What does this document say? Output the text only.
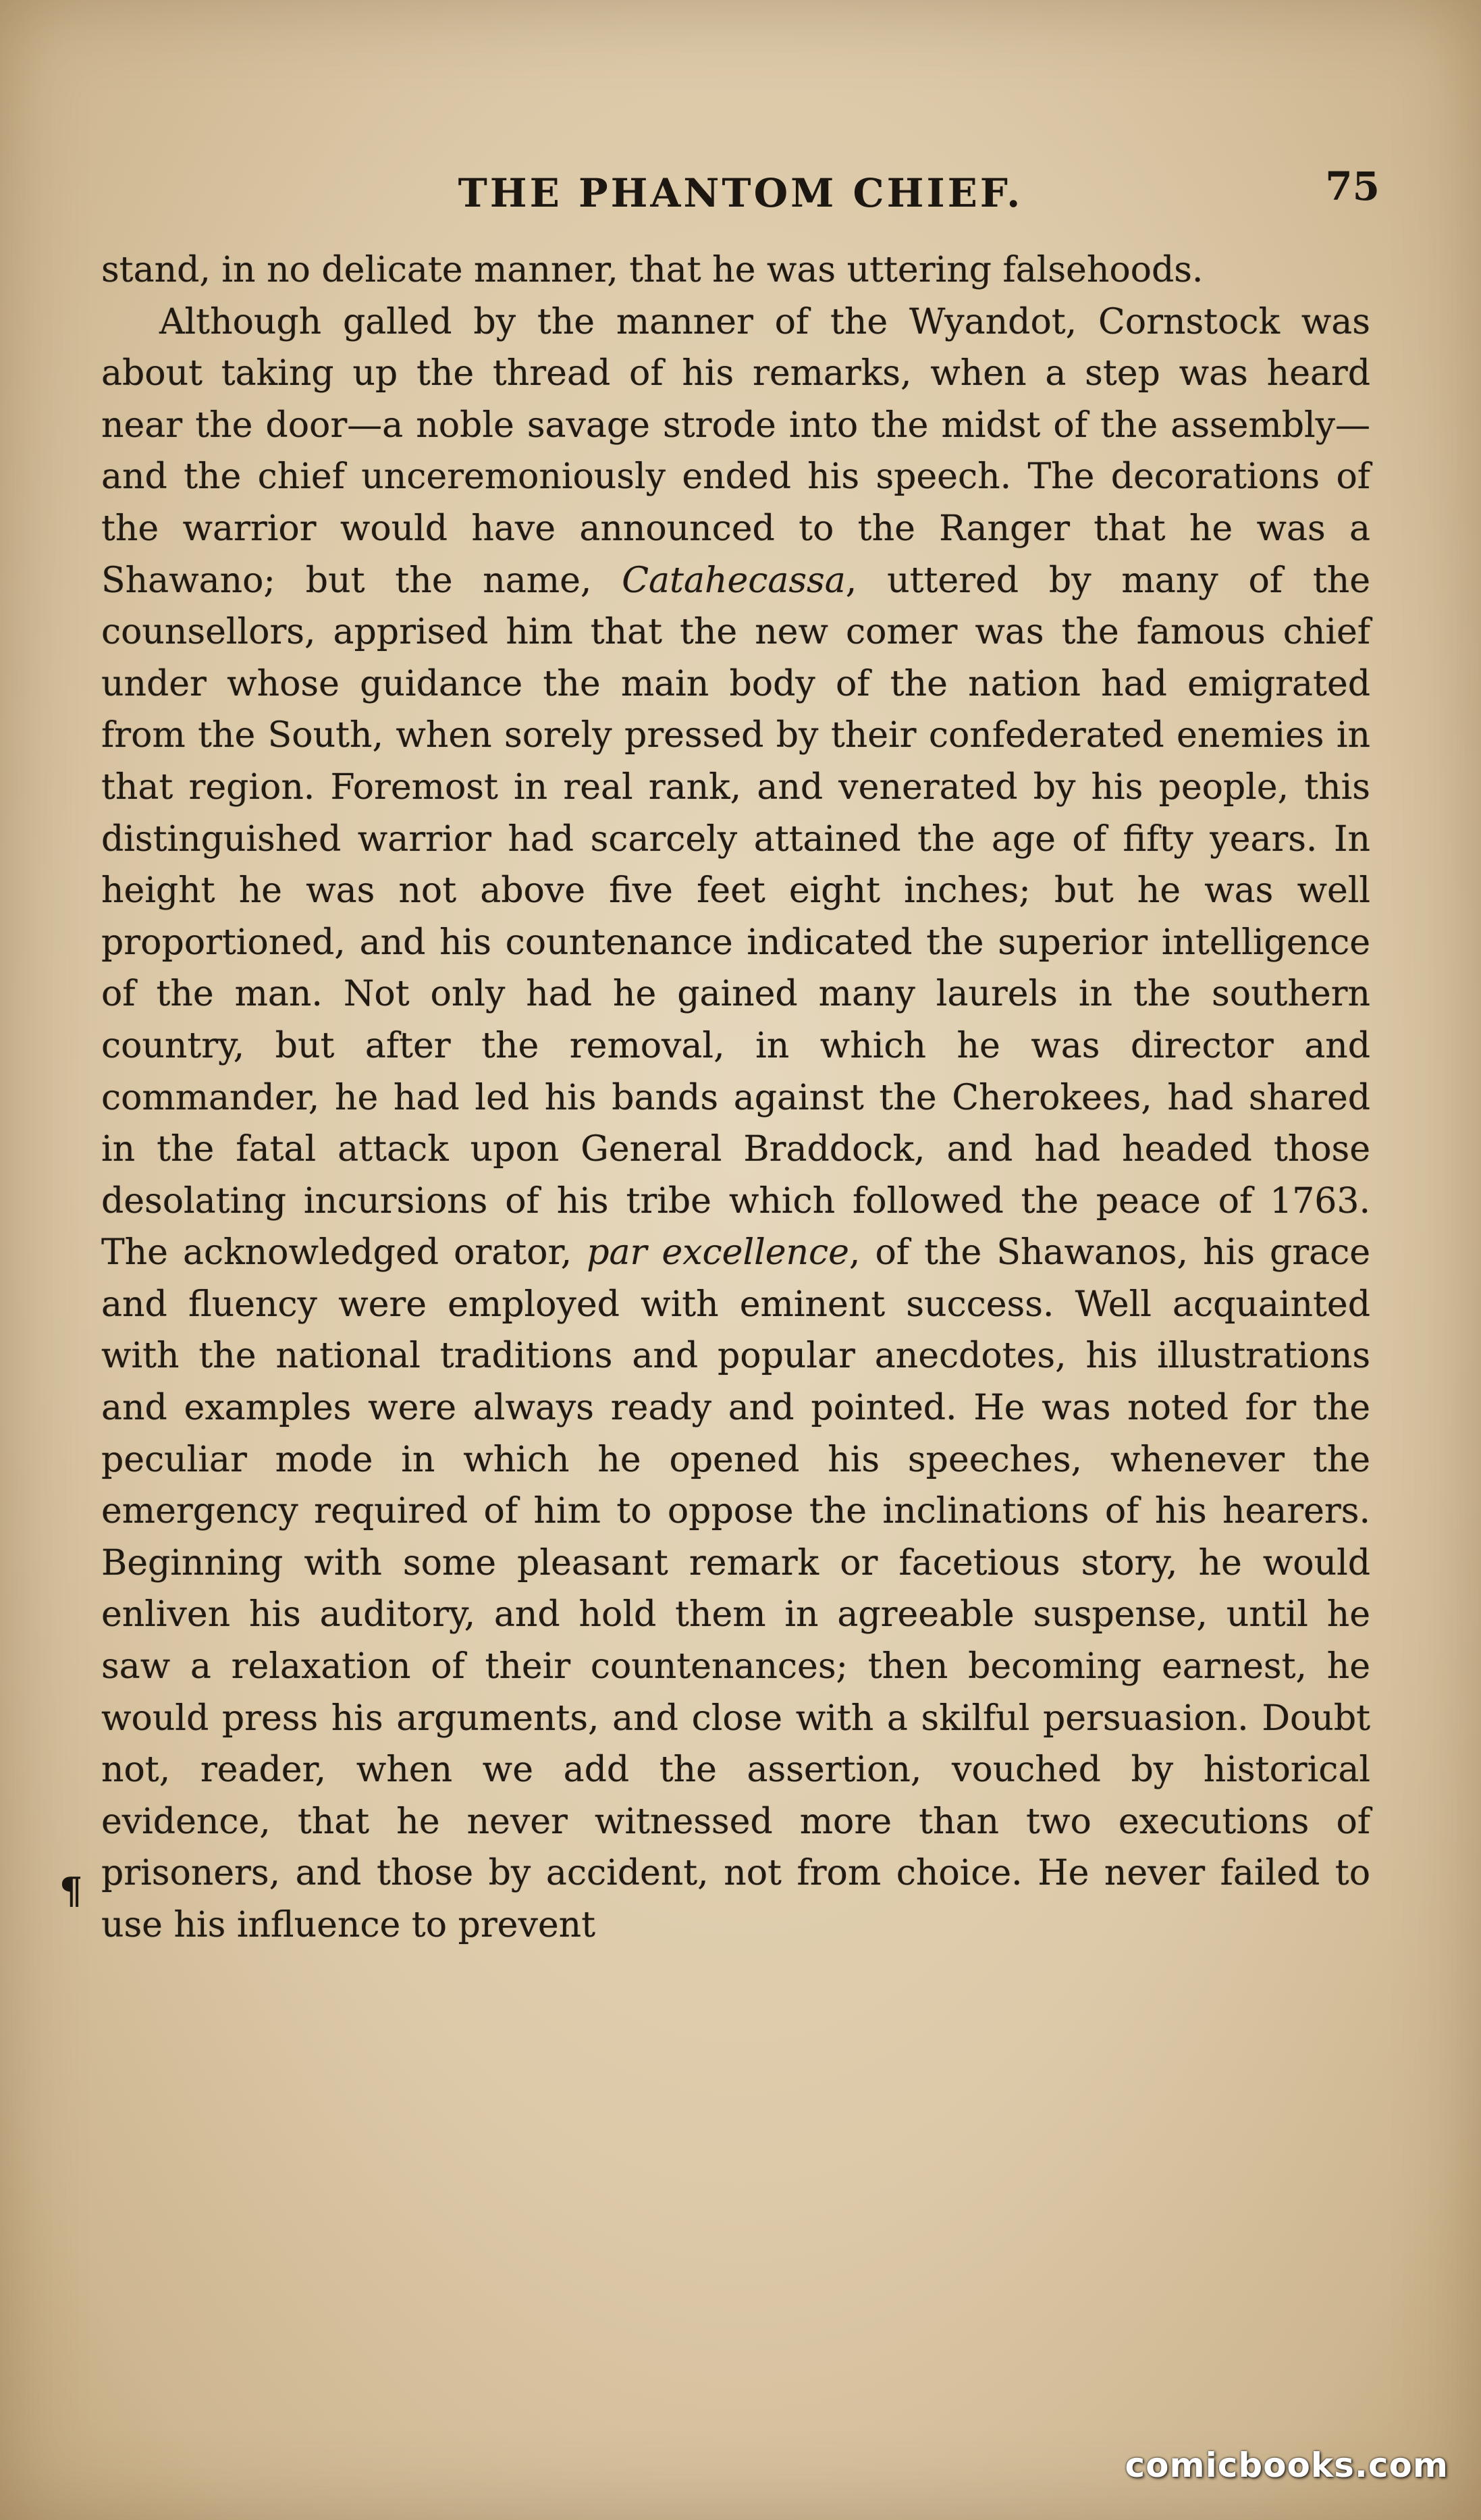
THE PHANTOM CHIEF.	75

stand, in no delicate manner, that he was uttering falsehoods.

Although galled by the manner of the Wyandot, Cornstock was about taking up the thread of his remarks, when a step was heard near the door—a noble savage strode into the midst of the assembly—and the chief unceremoniously ended his speech. The decorations of the warrior would have announced to the Ranger that he was a Shawano; but the name, Catahecassa, uttered by many of the counsellors, apprised him that the new comer was the famous chief under whose guidance the main body of the nation had emigrated from the South, when sorely pressed by their confederated enemies in that region. Foremost in real rank, and venerated by his people, this distinguished warrior had scarcely attained the age of fifty years. In height he was not above five feet eight inches; but he was well proportioned, and his countenance indicated the superior intelligence of the man. Not only had he gained many laurels in the southern country, but after the removal, in which he was director and commander, he had led his bands against the Cherokees, had shared in the fatal attack upon General Braddock, and had headed those desolating incursions of his tribe which followed the peace of 1763. The acknowledged orator, par excellence, of the Shawanos, his grace and fluency were employed with eminent success. Well acquainted with the national traditions and popular anecdotes, his illustrations and examples were always ready and pointed. He was noted for the peculiar mode in which he opened his speeches, whenever the emergency required of him to oppose the inclinations of his hearers. Beginning with some pleasant remark or facetious story, he would enliven his auditory, and hold them in agreeable suspense, until he saw a relaxation of their countenances; then becoming earnest, he would press his arguments, and close with a skilful persuasion. Doubt not, reader, when we add the assertion, vouched by historical evidence, that he never witnessed more than two executions of prisoners, and those by accident, not from choice. He never failed to use his influence to prevent

¶
comicbooks.com
